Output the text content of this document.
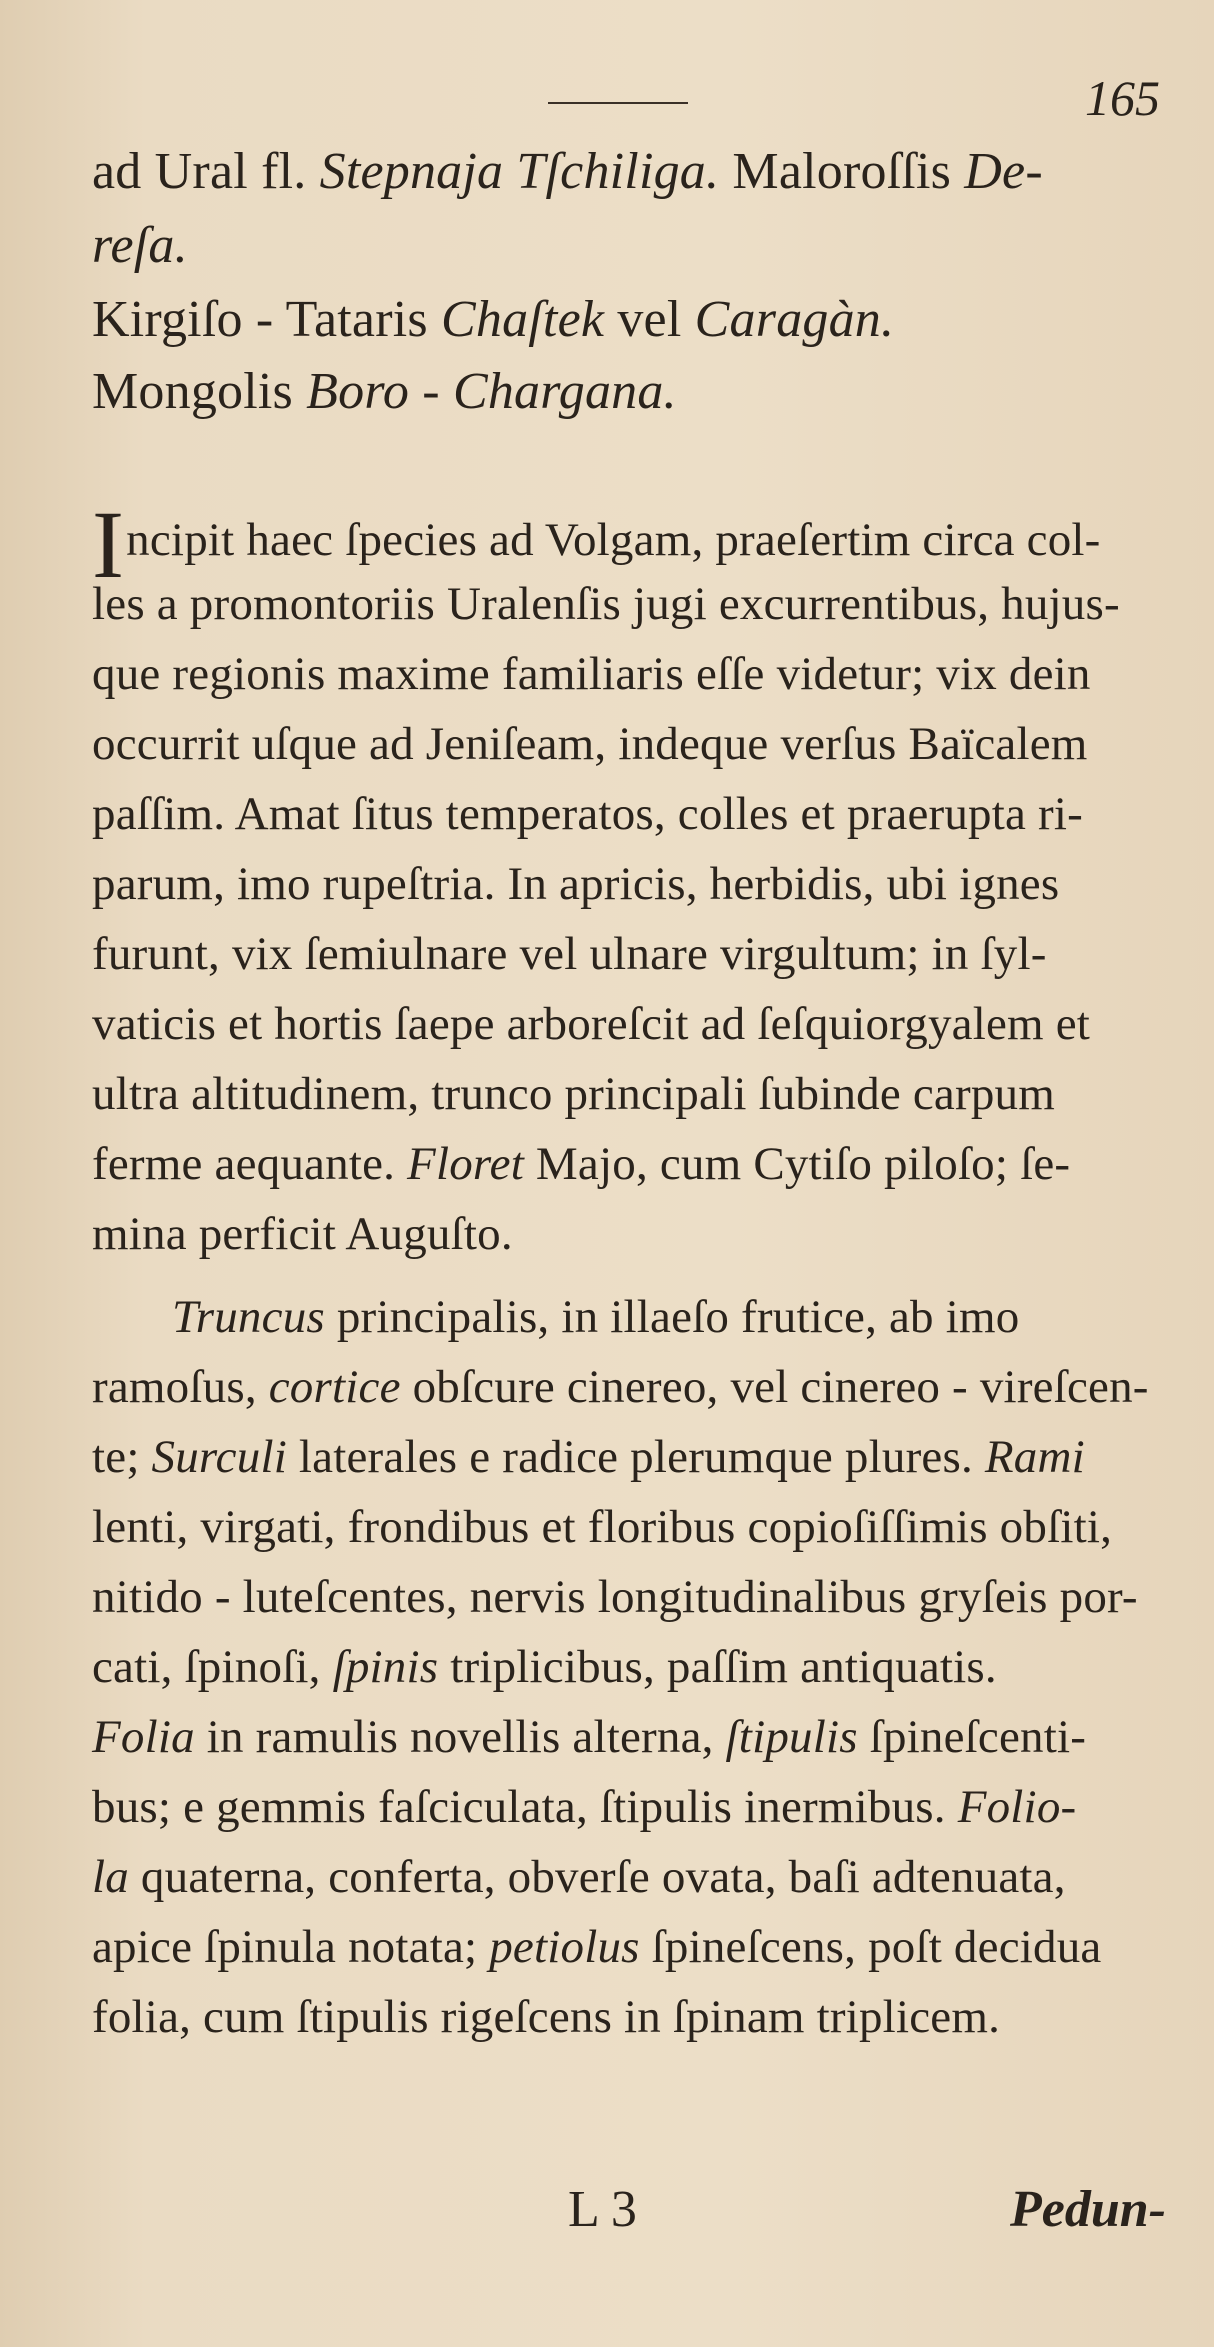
165
ad Ural fl. Stepnaja Tſchiliga. Maloroſſis De-
reſa.
Kirgiſo - Tataris Chaſtek vel Caragàn.
Mongolis Boro - Chargana.
Incipit haec ſpecies ad Volgam, praeſertim circa col-
les a promontoriis Uralenſis jugi excurrentibus, hujus-
que regionis maxime familiaris eſſe videtur; vix dein
occurrit uſque ad Jeniſeam, indeque verſus Baïcalem
paſſim. Amat ſitus temperatos, colles et praerupta ri-
parum, imo rupeſtria. In apricis, herbidis, ubi ignes
furunt, vix ſemiulnare vel ulnare virgultum; in ſyl-
vaticis et hortis ſaepe arboreſcit ad ſeſquiorgyalem et
ultra altitudinem, trunco principali ſubinde carpum
ferme aequante. Floret Majo, cum Cytiſo piloſo; ſe-
mina perficit Auguſto.
Truncus principalis, in illaeſo frutice, ab imo
ramoſus, cortice obſcure cinereo, vel cinereo - vireſcen-
te; Surculi laterales e radice plerumque plures. Rami
lenti, virgati, frondibus et floribus copioſiſſimis obſiti,
nitido - luteſcentes, nervis longitudinalibus gryſeis por-
cati, ſpinoſi, ſpinis triplicibus, paſſim antiquatis.
Folia in ramulis novellis alterna, ſtipulis ſpineſcenti-
bus; e gemmis faſciculata, ſtipulis inermibus. Folio-
la quaterna, conferta, obverſe ovata, baſi adtenuata,
apice ſpinula notata; petiolus ſpineſcens, poſt decidua
folia, cum ſtipulis rigeſcens in ſpinam triplicem.
L 3	Pedun-
